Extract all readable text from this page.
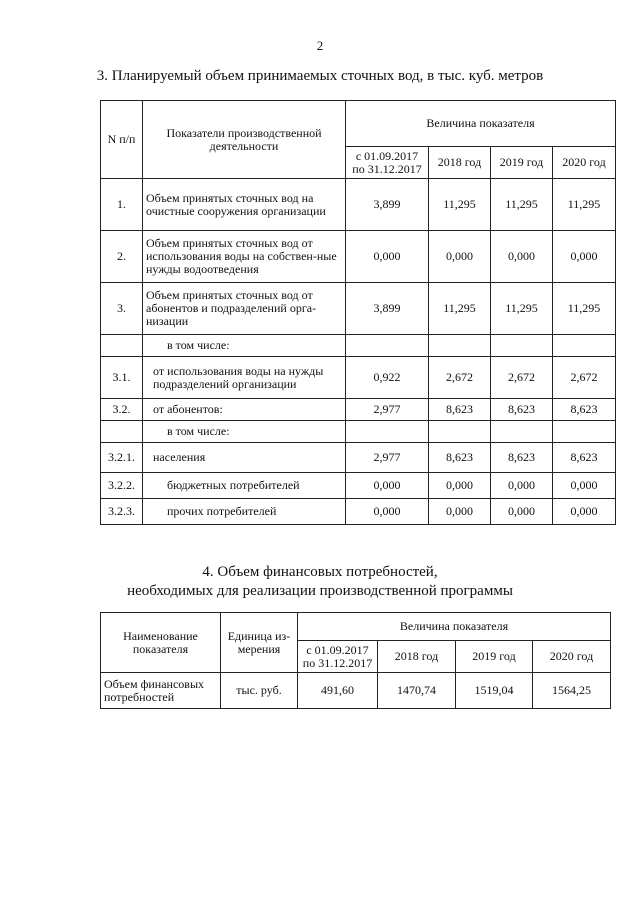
2
3. Планируемый объем принимаемых сточных вод, в тыс. куб. метров
N п/п	Показатели производственной деятельности	Величина показателя			
		с 01.09.2017 по 31.12.2017	2018 год	2019 год	2020 год
1.	Объем принятых сточных вод на очистные сооружения организации	3,899	11,295	11,295	11,295
2.	Объем принятых сточных вод от использования воды на собствен-ные нужды водоотведения	0,000	0,000	0,000	0,000
3.	Объем принятых сточных вод от абонентов и подразделений орга-низации	3,899	11,295	11,295	11,295
	в том числе:				
3.1.	от использования воды на нужды подразделений организации	0,922	2,672	2,672	2,672
3.2.	от абонентов:	2,977	8,623	8,623	8,623
	в том числе:				
3.2.1.	населения	2,977	8,623	8,623	8,623
3.2.2.	бюджетных потребителей	0,000	0,000	0,000	0,000
3.2.3.	прочих потребителей	0,000	0,000	0,000	0,000
4. Объем финансовых потребностей,
необходимых для реализации производственной программы
Наименование показателя	Единица из-мерения	Величина показателя			
		с 01.09.2017 по 31.12.2017	2018 год	2019 год	2020 год
Объем финансовых потребностей	тыс. руб.	491,60	1470,74	1519,04	1564,25
